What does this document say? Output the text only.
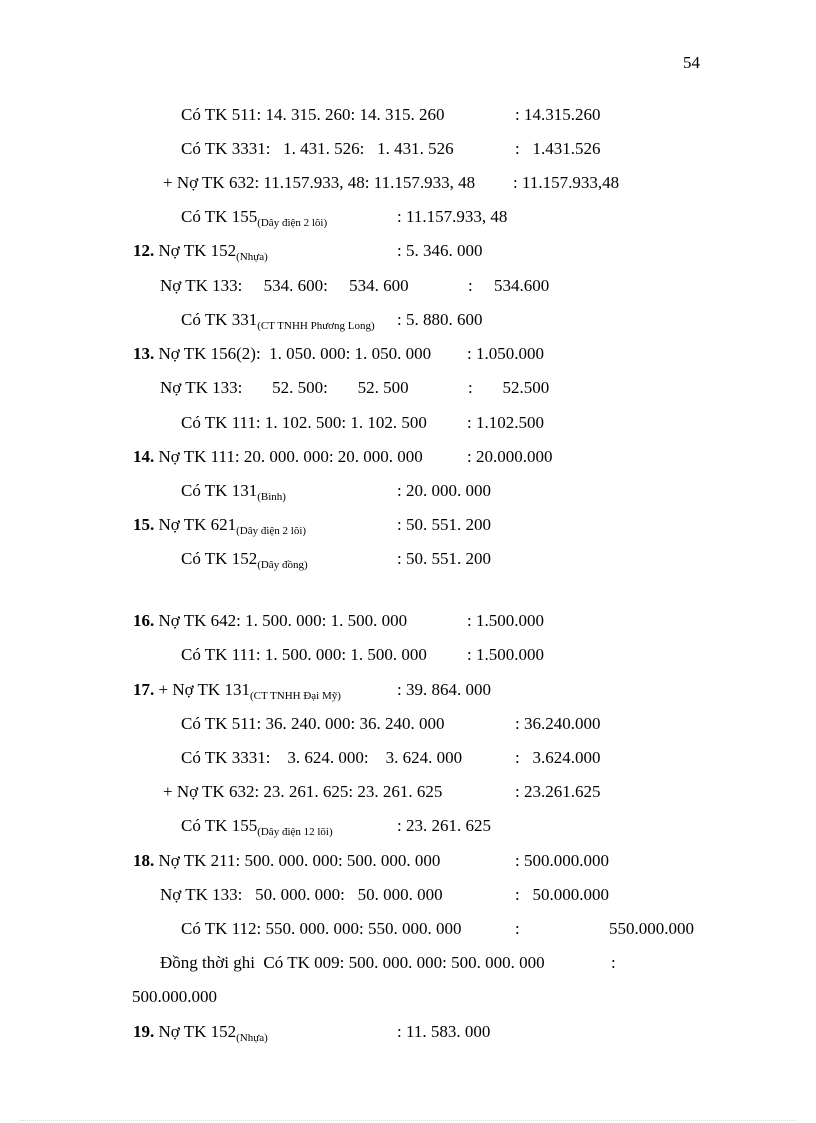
54
Có TK 511: 14. 315. 260: 14. 315. 260	: 14.315.260
Có TK 3331:   1. 431. 526:   1. 431. 526	:   1.431.526
+ Nợ TK 632: 11.157.933, 48: 11.157.933, 48 : 11.157.933,48
Có TK $155_{(Dây điện 2 lõi)}$	: 11.157.933, 48
12. Nợ TK $152_{(Nhựa)}$	: 5. 346. 000
Nợ TK 133:     534. 600:     534. 600	:     534.600
Có TK $331_{(CT TNHH Phương Long)}$ : 5. 880. 600
13. Nợ TK 156(2):  1. 050. 000: 1. 050. 000 : 1.050.000
Nợ TK 133:       52. 500:       52. 500	:       52.500
Có TK 111: 1. 102. 500: 1. 102. 500 : 1.102.500
14. Nợ TK 111: 20. 000. 000: 20. 000. 000	: 20.000.000
Có TK $131_{(Bình)}$	: 20. 000. 000
15. Nợ TK $621_{(Dây điện 2 lõi)}$	: 50. 551. 200
Có TK $152_{(Dây đồng)}$	: 50. 551. 200
16. Nợ TK 642: 1. 500. 000: 1. 500. 000	: 1.500.000
Có TK 111: 1. 500. 000: 1. 500. 000 : 1.500.000
17. + Nợ TK $131_{(CT TNHH Đại Mỹ)}$	: 39. 864. 000
Có TK 511: 36. 240. 000: 36. 240. 000	: 36.240.000
Có TK 3331:    3. 624. 000:    3. 624. 000	:   3.624.000
+ Nợ TK 632: 23. 261. 625: 23. 261. 625	: 23.261.625
Có TK $155_{(Dây điện 12 lõi)}$	: 23. 261. 625
18. Nợ TK 211: 500. 000. 000: 500. 000. 000	: 500.000.000
Nợ TK 133:   50. 000. 000:   50. 000. 000	:   50.000.000
Có TK 112: 550. 000. 000: 550. 000. 000	:	550.000.000
Đồng thời ghi  Có TK 009: 500. 000. 000: 500. 000. 000	:
500.000.000
19. Nợ TK $152_{(Nhựa)}$	: 11. 583. 000
